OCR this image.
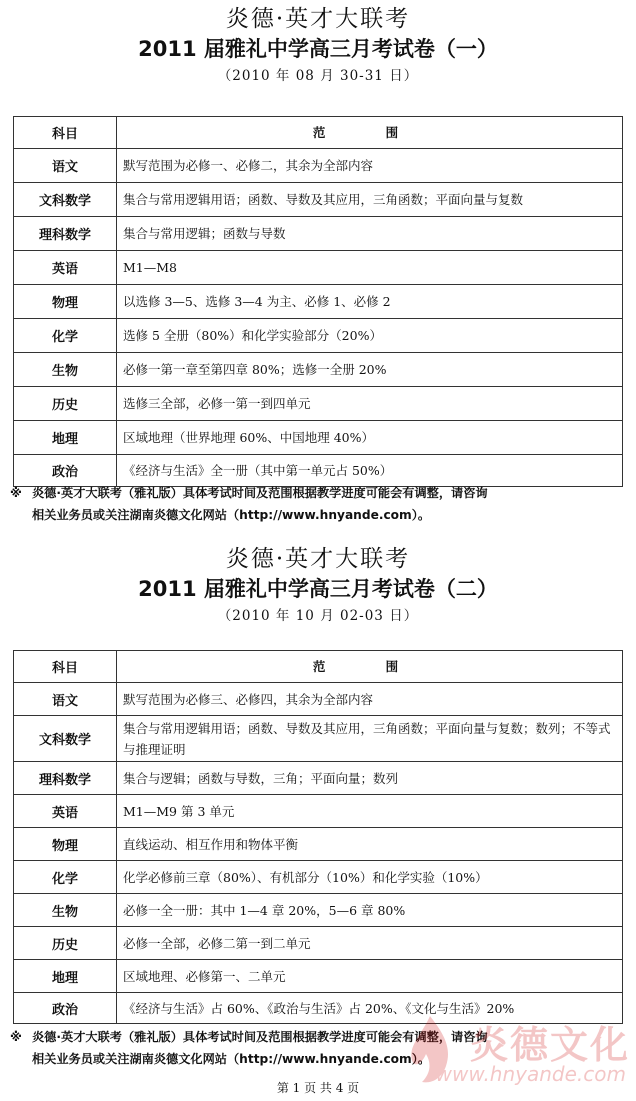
炎德·英才大联考
2011 届雅礼中学高三月考试卷（一）
（2010 年 08 月 30-31 日）
科目	范 围
语文	默写范围为必修一、必修二，其余为全部内容
文科数学	集合与常用逻辑用语；函数、导数及其应用，三角函数；平面向量与复数
理科数学	集合与常用逻辑；函数与导数
英语	M1—M8
物理	以选修 3—5、选修 3—4 为主、必修 1、必修 2
化学	选修 5 全册（80%）和化学实验部分（20%）
生物	必修一第一章至第四章 80%；选修一全册 20%
历史	选修三全部，必修一第一到四单元
地理	区域地理（世界地理 60%、中国地理 40%）
政治	《经济与生活》全一册（其中第一单元占 50%）
※ 炎德·英才大联考（雅礼版）具体考试时间及范围根据教学进度可能会有调整，请咨询
相关业务员或关注湖南炎德文化网站（http://www.hnyande.com）。
炎德·英才大联考
2011 届雅礼中学高三月考试卷（二）
（2010 年 10 月 02-03 日）
科目	范 围
语文	默写范围为必修三、必修四，其余为全部内容
文科数学	集合与常用逻辑用语；函数、导数及其应用，三角函数；平面向量与复数；数列；不等式与推理证明
理科数学	集合与逻辑；函数与导数，三角；平面向量；数列
英语	M1—M9 第 3 单元
物理	直线运动、相互作用和物体平衡
化学	化学必修前三章（80%）、有机部分（10%）和化学实验（10%）
生物	必修一全一册：其中 1—4 章 20%，5—6 章 80%
历史	必修一全部，必修二第一到二单元
地理	区域地理、必修第一、二单元
政治	《经济与生活》占 60%、《政治与生活》占 20%、《文化与生活》20%
※ 炎德·英才大联考（雅礼版）具体考试时间及范围根据教学进度可能会有调整，请咨询
相关业务员或关注湖南炎德文化网站（http://www.hnyande.com）。	炎德文化
www.hnyande.com
第 1 页 共 4 页
